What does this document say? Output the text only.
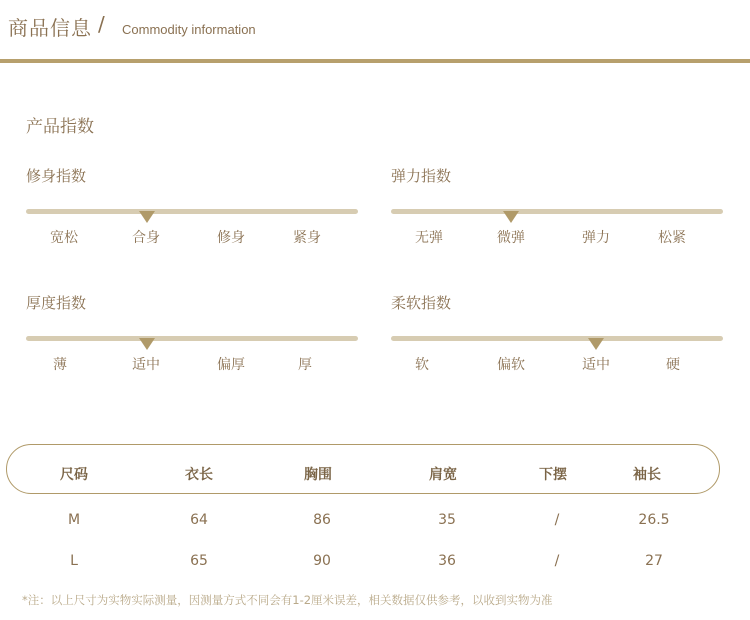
商品信息 / Commodity information
产品指数
修身指数
宽松	合身	修身	紧身
弹力指数
无弹	微弹	弹力	松紧
厚度指数
薄	适中	偏厚	厚
柔软指数
软	偏软	适中	硬
尺码	衣长	胸围	肩宽	下摆	袖长
M	64	86	35	/	26.5
L	65	90	36	/	27
*注：以上尺寸为实物实际测量，因测量方式不同会有1-2厘米误差，相关数据仅供参考，以收到实物为准
